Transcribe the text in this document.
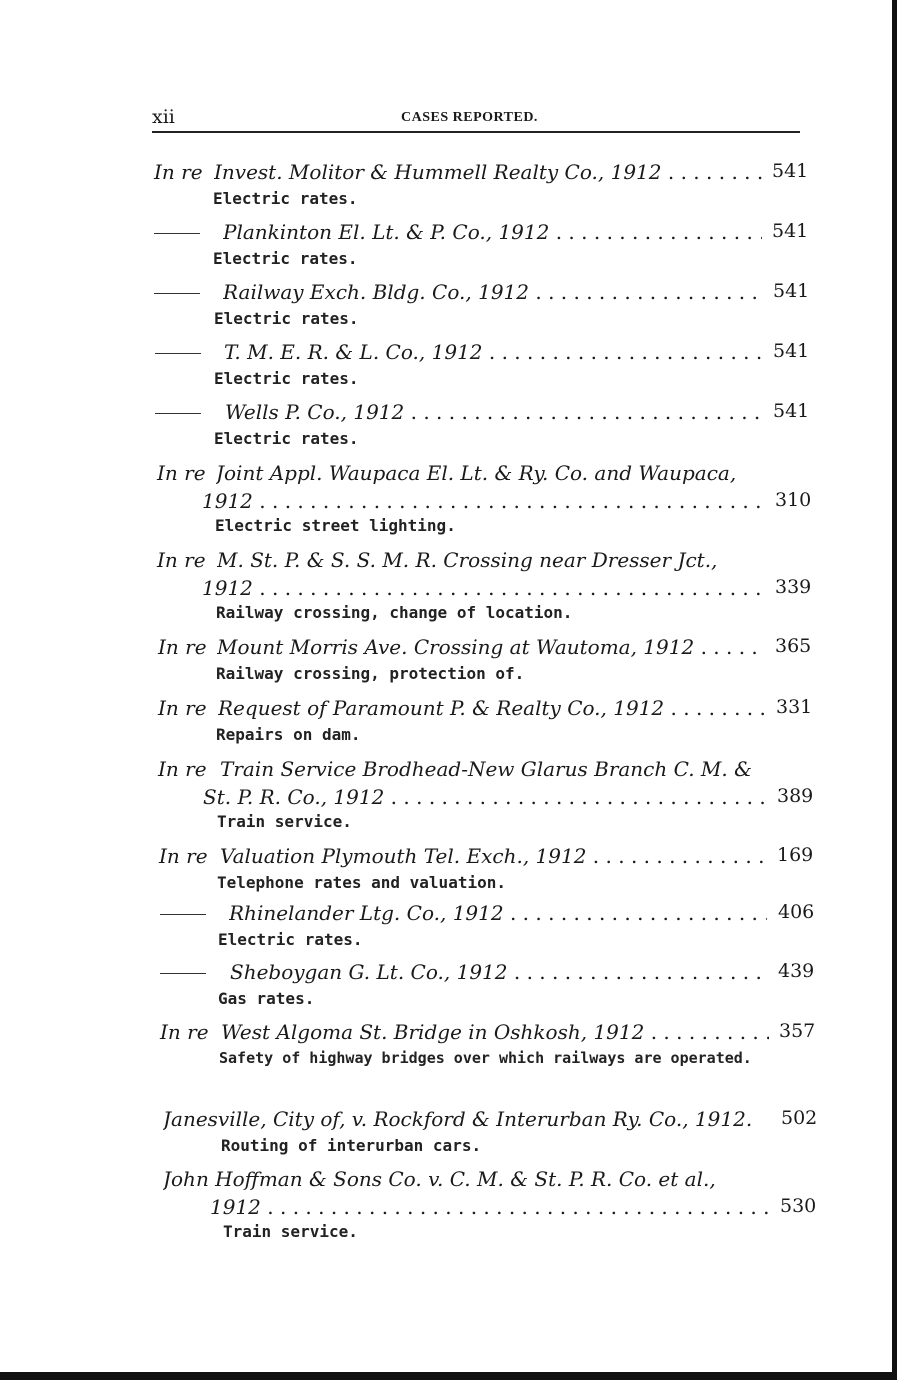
xii	CASES REPORTED.
In re Invest. Molitor & Hummell Realty Co., 1912 . . .	541
Electric rates.
Plankinton El. Lt. & P. Co., 1912 . . .	541
Electric rates.
Railway Exch. Bldg. Co., 1912 . . .	541
Electric rates.
T. M. E. R. & L. Co., 1912 . . .	541
Electric rates.
Wells P. Co., 1912 . . .	541
Electric rates.
In re Joint Appl. Waupaca El. Lt. & Ry. Co. and Waupaca,
1912 . . .	310
Electric street lighting.
In re M. St. P. & S. S. M. R. Crossing near Dresser Jct.,
1912 . . .	339
Railway crossing, change of location.
In re Mount Morris Ave. Crossing at Wautoma, 1912 . . .	365
Railway crossing, protection of.
In re Request of Paramount P. & Realty Co., 1912 . . .	331
Repairs on dam.
In re Train Service Brodhead-New Glarus Branch C. M. &
St. P. R. Co., 1912 . . .	389
Train service.
In re Valuation Plymouth Tel. Exch., 1912 . . .	169
Telephone rates and valuation.
Rhinelander Ltg. Co., 1912 . . .	406
Electric rates.
Sheboygan G. Lt. Co., 1912 . . .	439
Gas rates.
In re West Algoma St. Bridge in Oshkosh, 1912 . . .	357
Safety of highway bridges over which railways are operated.
Janesville, City of, v. Rockford & Interurban Ry. Co., 1912.	502
Routing of interurban cars.
John Hoffman & Sons Co. v. C. M. & St. P. R. Co. et al.,
1912 . . .	530
Train service.
